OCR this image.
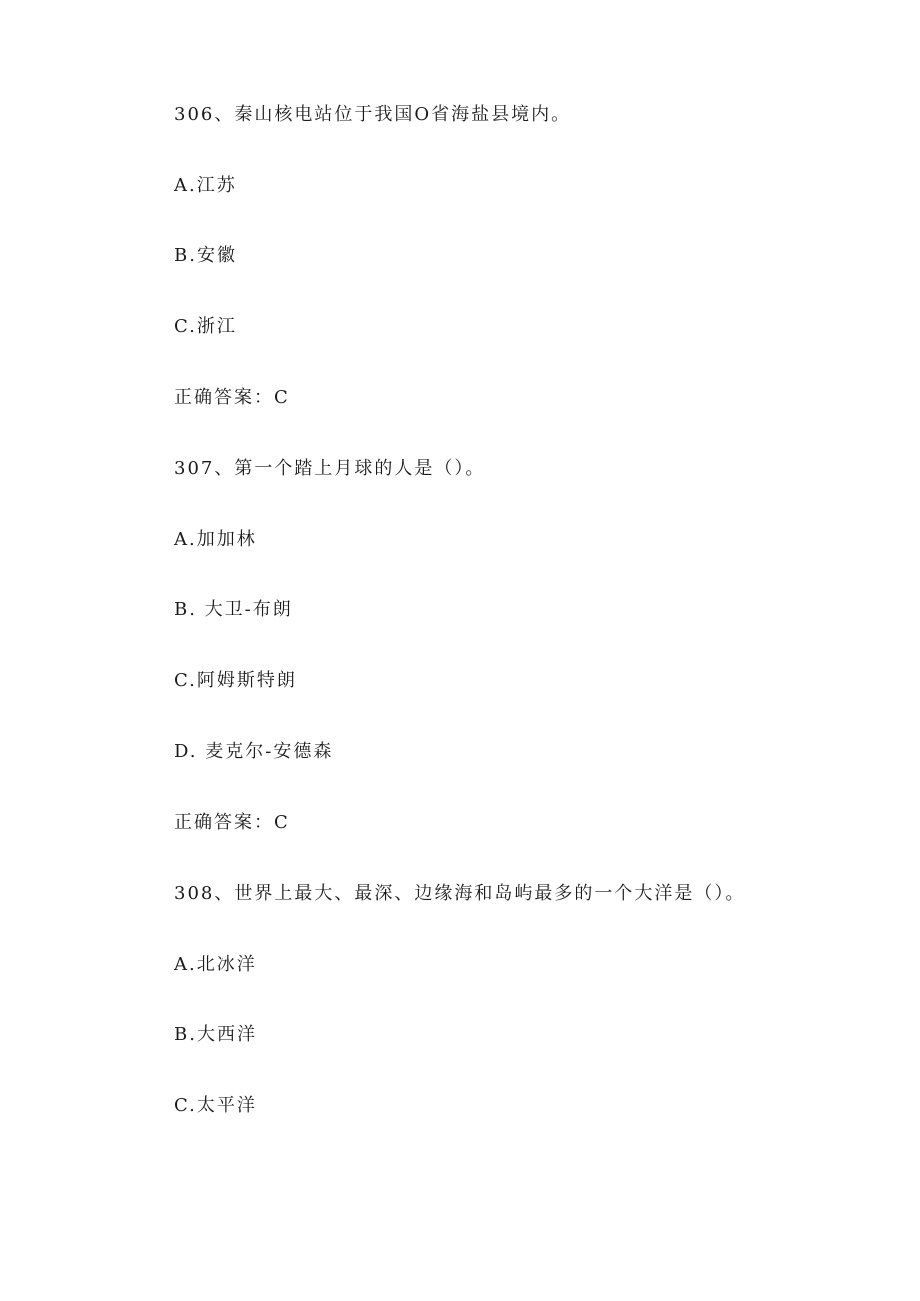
306、秦山核电站位于我国O省海盐县境内。
A.江苏
B.安徽
C.浙江
正确答案：C
307、第一个踏上月球的人是（）。
A.加加林
B. 大卫-布朗
C.阿姆斯特朗
D. 麦克尔-安德森
正确答案：C
308、世界上最大、最深、边缘海和岛屿最多的一个大洋是（）。
A.北冰洋
B.大西洋
C.太平洋
